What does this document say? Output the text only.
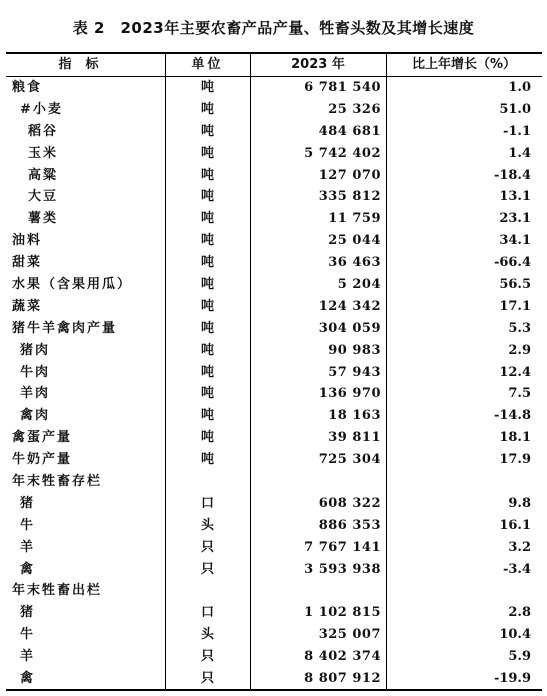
表 2　2023年主要农畜产品产量、牲畜头数及其增长速度
指标	单位	2023 年	比上年增长（%）
粮食	吨	6 781 540	1.0
#小麦	吨	25 326	51.0
稻谷	吨	484 681	-1.1
玉米	吨	5 742 402	1.4
高粱	吨	127 070	-18.4
大豆	吨	335 812	13.1
薯类	吨	11 759	23.1
油料	吨	25 044	34.1
甜菜	吨	36 463	-66.4
水果（含果用瓜）	吨	5 204	56.5
蔬菜	吨	124 342	17.1
猪牛羊禽肉产量	吨	304 059	5.3
猪肉	吨	90 983	2.9
牛肉	吨	57 943	12.4
羊肉	吨	136 970	7.5
禽肉	吨	18 163	-14.8
禽蛋产量	吨	39 811	18.1
牛奶产量	吨	725 304	17.9
年末牲畜存栏
猪	口	608 322	9.8
牛	头	886 353	16.1
羊	只	7 767 141	3.2
禽	只	3 593 938	-3.4
年末牲畜出栏
猪	口	1 102 815	2.8
牛	头	325 007	10.4
羊	只	8 402 374	5.9
禽	只	8 807 912	-19.9
